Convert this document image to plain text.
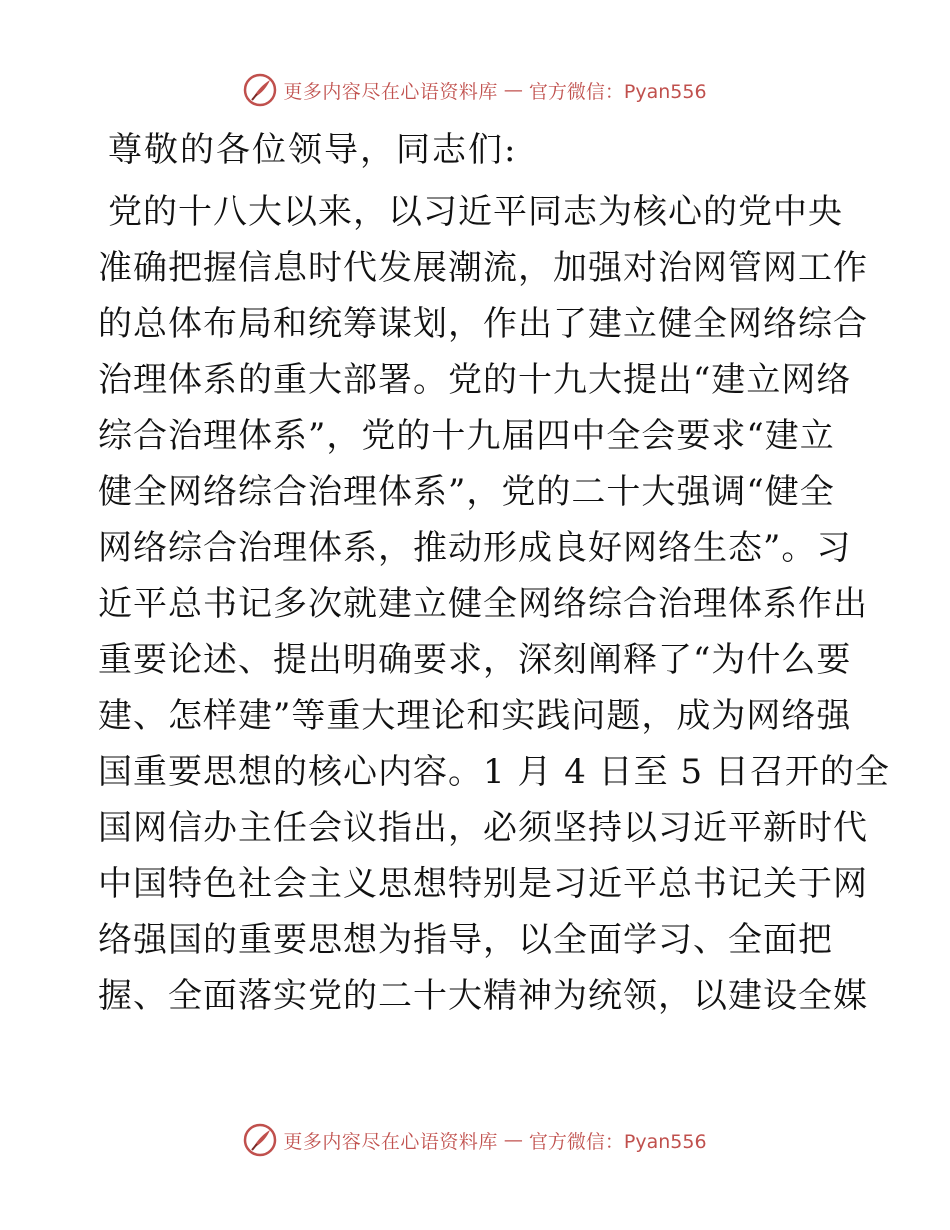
更多内容尽在心语资料库 — 官方微信：Pyan556
尊敬的各位领导，同志们:
党的十八大以来，以习近平同志为核心的党中央
准确把握信息时代发展潮流，加强对治网管网工作
的总体布局和统筹谋划，作出了建立健全网络综合
治理体系的重大部署。党的十九大提出“建立网络
综合治理体系”，党的十九届四中全会要求“建立
健全网络综合治理体系”，党的二十大强调“健全
网络综合治理体系，推动形成良好网络生态”。习
近平总书记多次就建立健全网络综合治理体系作出
重要论述、提出明确要求，深刻阐释了“为什么要
建、怎样建”等重大理论和实践问题，成为网络强
国重要思想的核心内容。1 月 4 日至 5 日召开的全
国网信办主任会议指出，必须坚持以习近平新时代
中国特色社会主义思想特别是习近平总书记关于网
络强国的重要思想为指导，以全面学习、全面把
握、全面落实党的二十大精神为统领，以建设全媒
更多内容尽在心语资料库 — 官方微信：Pyan556
